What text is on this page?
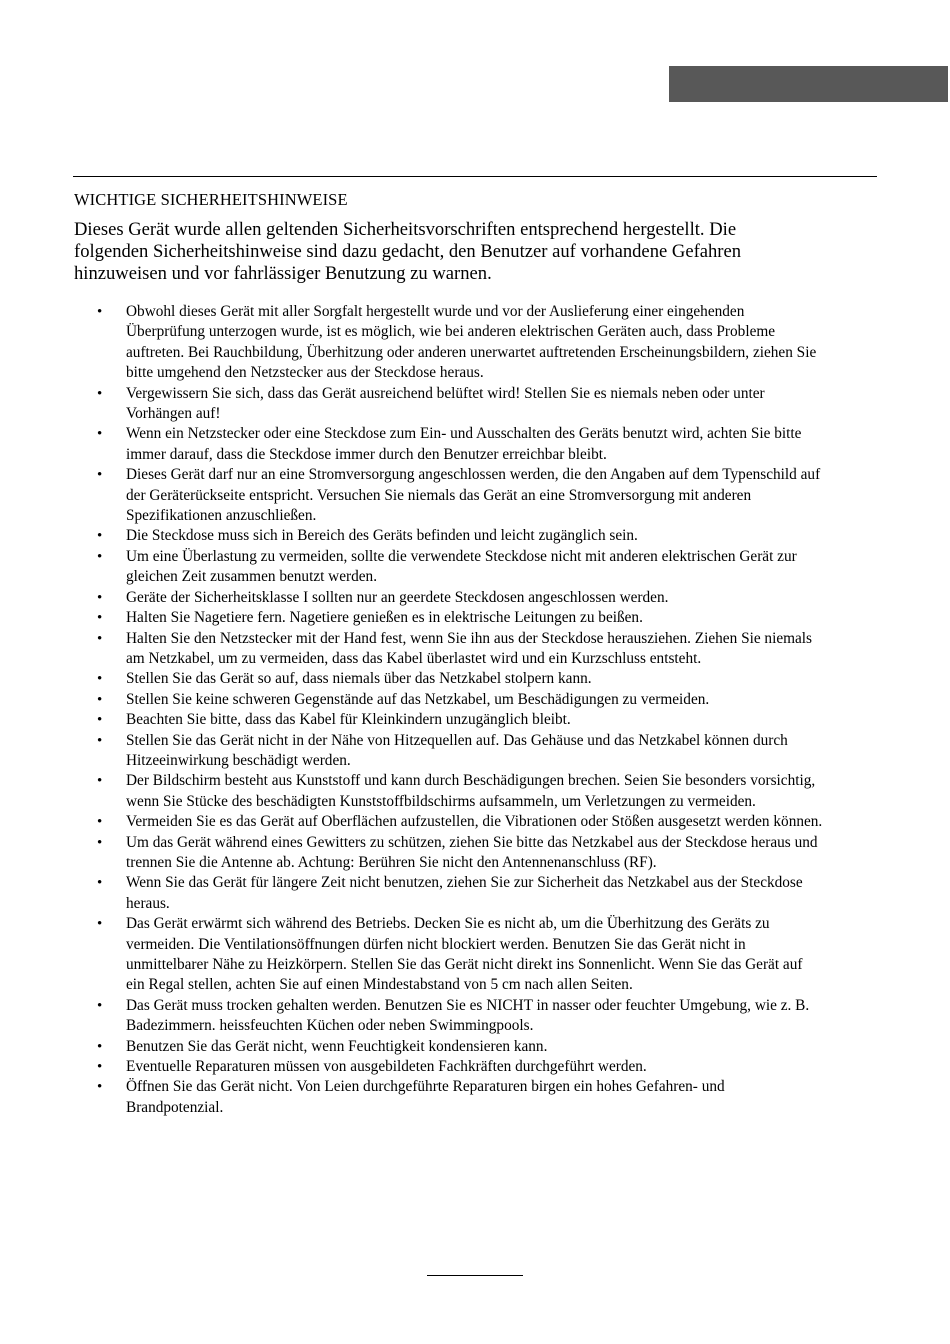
WICHTIGE SICHERHEITSHINWEISE

Dieses Gerät wurde allen geltenden Sicherheitsvorschriften entsprechend hergestellt. Die folgenden Sicherheitshinweise sind dazu gedacht, den Benutzer auf vorhandene Gefahren hinzuweisen und vor fahrlässiger Benutzung zu warnen.

• Obwohl dieses Gerät mit aller Sorgfalt hergestellt wurde und vor der Auslieferung einer eingehenden Überprüfung unterzogen wurde, ist es möglich, wie bei anderen elektrischen Geräten auch, dass Probleme auftreten. Bei Rauchbildung, Überhitzung oder anderen unerwartet auftretenden Erscheinungsbildern, ziehen Sie bitte umgehend den Netzstecker aus der Steckdose heraus.
• Vergewissern Sie sich, dass das Gerät ausreichend belüftet wird! Stellen Sie es niemals neben oder unter Vorhängen auf!
• Wenn ein Netzstecker oder eine Steckdose zum Ein- und Ausschalten des Geräts benutzt wird, achten Sie bitte immer darauf, dass die Steckdose immer durch den Benutzer erreichbar bleibt.
• Dieses Gerät darf nur an eine Stromversorgung angeschlossen werden, die den Angaben auf dem Typenschild auf der Geräterückseite entspricht. Versuchen Sie niemals das Gerät an eine Stromversorgung mit anderen Spezifikationen anzuschließen.
• Die Steckdose muss sich in Bereich des Geräts befinden und leicht zugänglich sein.
• Um eine Überlastung zu vermeiden, sollte die verwendete Steckdose nicht mit anderen elektrischen Gerät zur gleichen Zeit zusammen benutzt werden.
• Geräte der Sicherheitsklasse I sollten nur an geerdete Steckdosen angeschlossen werden.
• Halten Sie Nagetiere fern. Nagetiere genießen es in elektrische Leitungen zu beißen.
• Halten Sie den Netzstecker mit der Hand fest, wenn Sie ihn aus der Steckdose herausziehen. Ziehen Sie niemals am Netzkabel, um zu vermeiden, dass das Kabel überlastet wird und ein Kurzschluss entsteht.
• Stellen Sie das Gerät so auf, dass niemals über das Netzkabel stolpern kann.
• Stellen Sie keine schweren Gegenstände auf das Netzkabel, um Beschädigungen zu vermeiden.
• Beachten Sie bitte, dass das Kabel für Kleinkindern unzugänglich bleibt.
• Stellen Sie das Gerät nicht in der Nähe von Hitzequellen auf. Das Gehäuse und das Netzkabel können durch Hitzeeinwirkung beschädigt werden.
• Der Bildschirm besteht aus Kunststoff und kann durch Beschädigungen brechen. Seien Sie besonders vorsichtig, wenn Sie Stücke des beschädigten Kunststoffbildschirms aufsammeln, um Verletzungen zu vermeiden.
• Vermeiden Sie es das Gerät auf Oberflächen aufzustellen, die Vibrationen oder Stößen ausgesetzt werden können.
• Um das Gerät während eines Gewitters zu schützen, ziehen Sie bitte das Netzkabel aus der Steckdose heraus und trennen Sie die Antenne ab. Achtung: Berühren Sie nicht den Antennenanschluss (RF).
• Wenn Sie das Gerät für längere Zeit nicht benutzen, ziehen Sie zur Sicherheit das Netzkabel aus der Steckdose heraus.
• Das Gerät erwärmt sich während des Betriebs. Decken Sie es nicht ab, um die Überhitzung des Geräts zu vermeiden. Die Ventilationsöffnungen dürfen nicht blockiert werden. Benutzen Sie das Gerät nicht in unmittelbarer Nähe zu Heizkörpern. Stellen Sie das Gerät nicht direkt ins Sonnenlicht. Wenn Sie das Gerät auf ein Regal stellen, achten Sie auf einen Mindestabstand von 5 cm nach allen Seiten.
• Das Gerät muss trocken gehalten werden. Benutzen Sie es NICHT in nasser oder feuchter Umgebung, wie z. B. Badezimmern. heissfeuchten Küchen oder neben Swimmingpools.
• Benutzen Sie das Gerät nicht, wenn Feuchtigkeit kondensieren kann.
• Eventuelle Reparaturen müssen von ausgebildeten Fachkräften durchgeführt werden.
• Öffnen Sie das Gerät nicht. Von Leien durchgeführte Reparaturen birgen ein hohes Gefahren- und Brandpotenzial.
